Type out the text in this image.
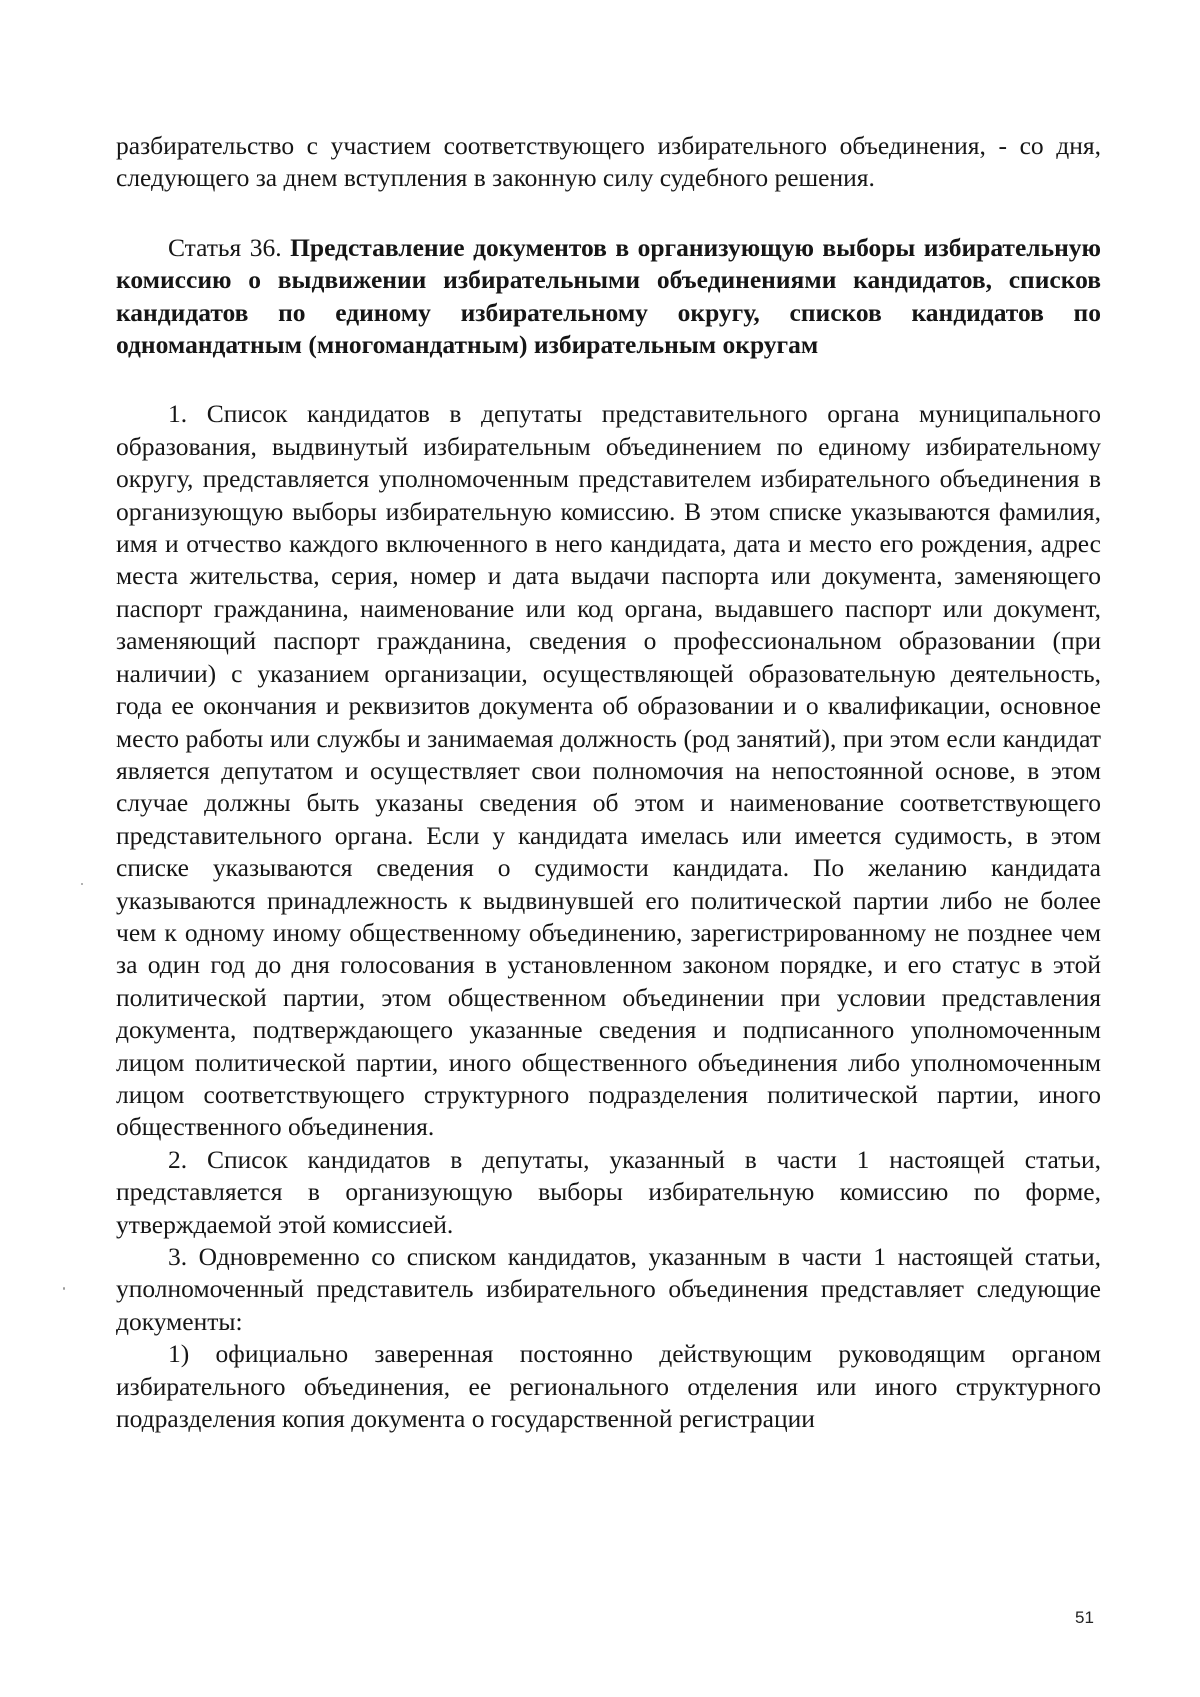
разбирательство с участием соответствующего избирательного объединения, - со дня, следующего за днем вступления в законную силу судебного решения.

Статья 36. Представление документов в организующую выборы избирательную комиссию о выдвижении избирательными объединениями кандидатов, списков кандидатов по единому избирательному округу, списков кандидатов по одномандатным (многомандатным) избирательным округам

1. Список кандидатов в депутаты представительного органа муниципального образования, выдвинутый избирательным объединением по единому избирательному округу, представляется уполномоченным представителем избирательного объединения в организующую выборы избирательную комиссию. В этом списке указываются фамилия, имя и отчество каждого включенного в него кандидата, дата и место его рождения, адрес места жительства, серия, номер и дата выдачи паспорта или документа, заменяющего паспорт гражданина, наименование или код органа, выдавшего паспорт или документ, заменяющий паспорт гражданина, сведения о профессиональном образовании (при наличии) с указанием организации, осуществляющей образовательную деятельность, года ее окончания и реквизитов документа об образовании и о квалификации, основное место работы или службы и занимаемая должность (род занятий), при этом если кандидат является депутатом и осуществляет свои полномочия на непостоянной основе, в этом случае должны быть указаны сведения об этом и наименование соответствующего представительного органа. Если у кандидата имелась или имеется судимость, в этом списке указываются сведения о судимости кандидата. По желанию кандидата указываются принадлежность к выдвинувшей его политической партии либо не более чем к одному иному общественному объединению, зарегистрированному не позднее чем за один год до дня голосования в установленном законом порядке, и его статус в этой политической партии, этом общественном объединении при условии представления документа, подтверждающего указанные сведения и подписанного уполномоченным лицом политической партии, иного общественного объединения либо уполномоченным лицом соответствующего структурного подразделения политической партии, иного общественного объединения.

2. Список кандидатов в депутаты, указанный в части 1 настоящей статьи, представляется в организующую выборы избирательную комиссию по форме, утверждаемой этой комиссией.

3. Одновременно со списком кандидатов, указанным в части 1 настоящей статьи, уполномоченный представитель избирательного объединения представляет следующие документы:

1) официально заверенная постоянно действующим руководящим органом избирательного объединения, ее регионального отделения или иного структурного подразделения копия документа о государственной регистрации

51
